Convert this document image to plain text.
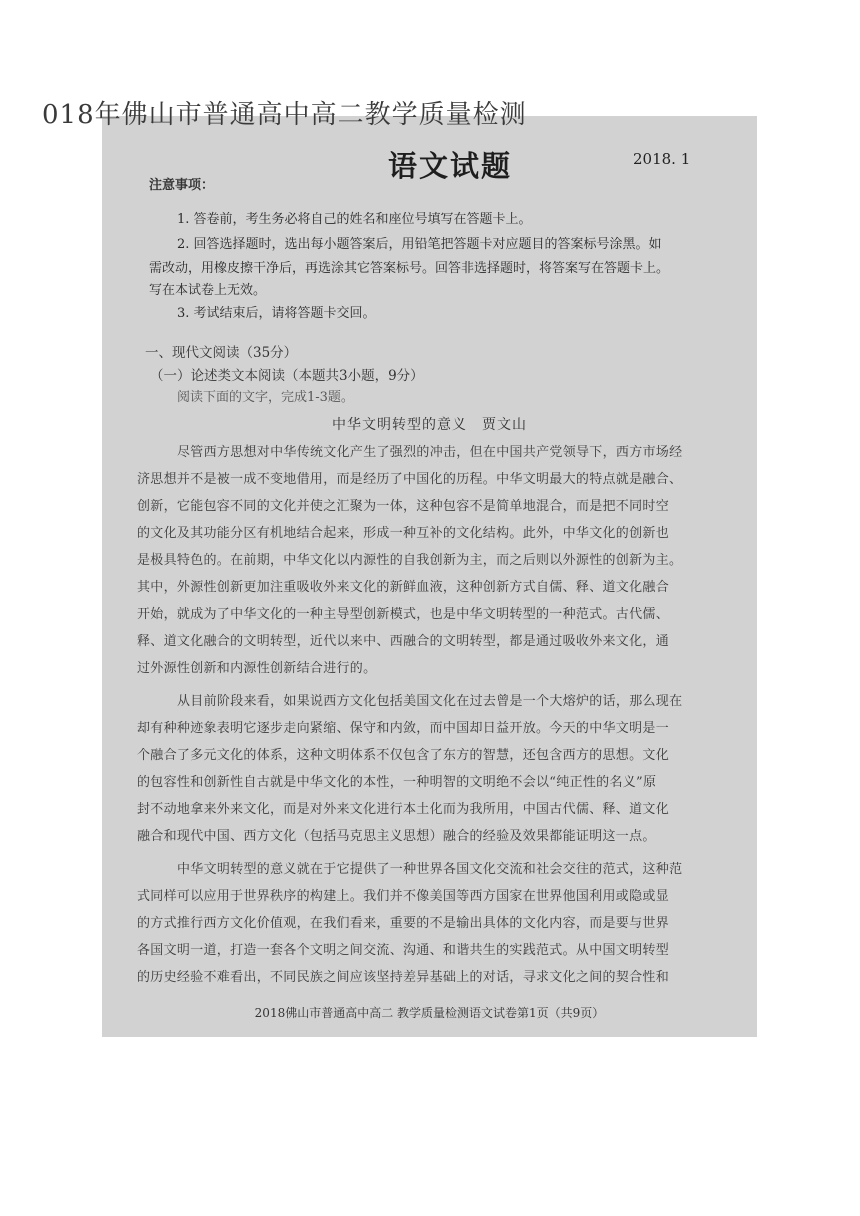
018年佛山市普通高中高二教学质量检测
语文试题	2018. 1
注意事项：
1. 答卷前，考生务必将自己的姓名和座位号填写在答题卡上。
2. 回答选择题时，选出每小题答案后，用铅笔把答题卡对应题目的答案标号涂黑。如
需改动，用橡皮擦干净后，再选涂其它答案标号。回答非选择题时，将答案写在答题卡上。
写在本试卷上无效。
3. 考试结束后，请将答题卡交回。
一、现代文阅读（35分）
（一）论述类文本阅读（本题共3小题，9分）
阅读下面的文字，完成1-3题。
中华文明转型的意义　贾文山
尽管西方思想对中华传统文化产生了强烈的冲击，但在中国共产党领导下，西方市场经
济思想并不是被一成不变地借用，而是经历了中国化的历程。中华文明最大的特点就是融合、
创新，它能包容不同的文化并使之汇聚为一体，这种包容不是简单地混合，而是把不同时空
的文化及其功能分区有机地结合起来，形成一种互补的文化结构。此外，中华文化的创新也
是极具特色的。在前期，中华文化以内源性的自我创新为主，而之后则以外源性的创新为主。
其中，外源性创新更加注重吸收外来文化的新鲜血液，这种创新方式自儒、释、道文化融合
开始，就成为了中华文化的一种主导型创新模式，也是中华文明转型的一种范式。古代儒、
释、道文化融合的文明转型，近代以来中、西融合的文明转型，都是通过吸收外来文化，通
过外源性创新和内源性创新结合进行的。
从目前阶段来看，如果说西方文化包括美国文化在过去曾是一个大熔炉的话，那么现在
却有种种迹象表明它逐步走向紧缩、保守和内敛，而中国却日益开放。今天的中华文明是一
个融合了多元文化的体系，这种文明体系不仅包含了东方的智慧，还包含西方的思想。文化
的包容性和创新性自古就是中华文化的本性，一种明智的文明绝不会以“纯正性的名义”原
封不动地拿来外来文化，而是对外来文化进行本土化而为我所用，中国古代儒、释、道文化
融合和现代中国、西方文化（包括马克思主义思想）融合的经验及效果都能证明这一点。
中华文明转型的意义就在于它提供了一种世界各国文化交流和社会交往的范式，这种范
式同样可以应用于世界秩序的构建上。我们并不像美国等西方国家在世界他国利用或隐或显
的方式推行西方文化价值观，在我们看来，重要的不是输出具体的文化内容，而是要与世界
各国文明一道，打造一套各个文明之间交流、沟通、和谐共生的实践范式。从中国文明转型
的历史经验不难看出，不同民族之间应该坚持差异基础上的对话，寻求文化之间的契合性和
2018佛山市普通高中高二 教学质量检测语文试卷第1页（共9页）
